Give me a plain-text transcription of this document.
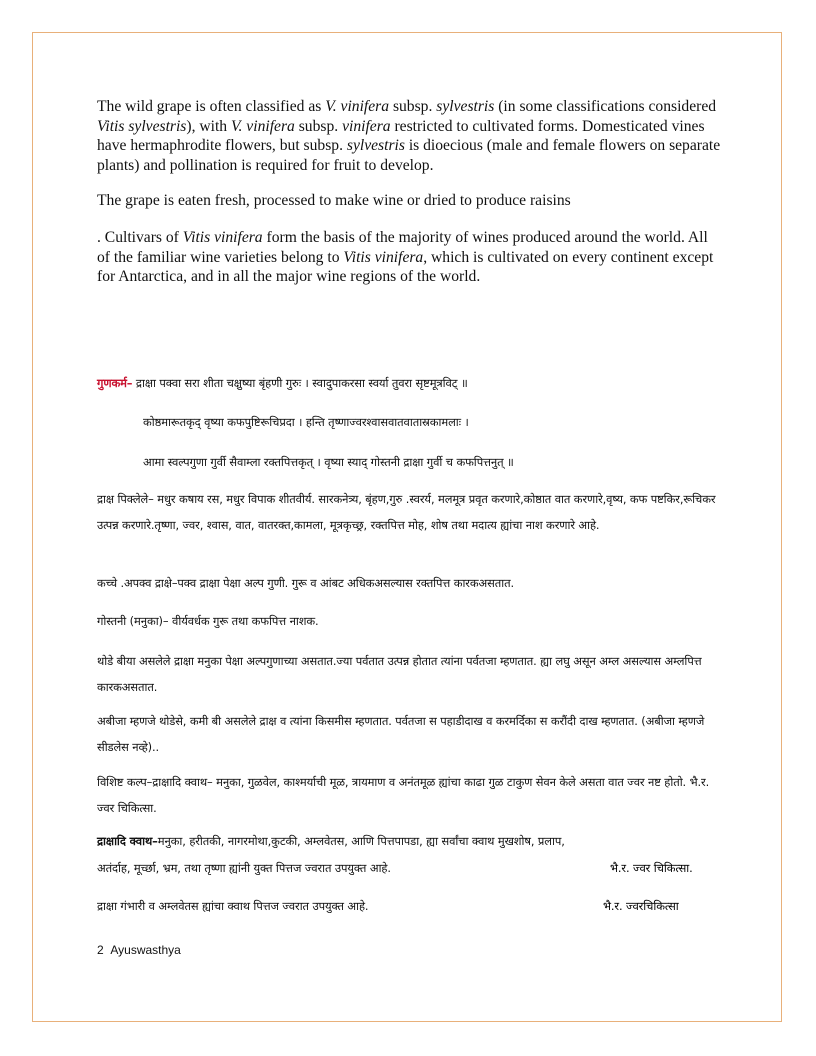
The wild grape is often classified as V. vinifera subsp. sylvestris (in some classifications considered Vitis sylvestris), with V. vinifera subsp. vinifera restricted to cultivated forms. Domesticated vines have hermaphrodite flowers, but subsp. sylvestris is dioecious (male and female flowers on separate plants) and pollination is required for fruit to develop.

The grape is eaten fresh, processed to make wine or dried to produce raisins

. Cultivars of Vitis vinifera form the basis of the majority of wines produced around the world. All of the familiar wine varieties belong to Vitis vinifera, which is cultivated on every continent except for Antarctica, and in all the major wine regions of the world.

गुणकर्म– द्राक्षा पक्वा सरा शीता चक्षुष्या बृंहणी गुरुः । स्वादुपाकरसा स्वर्या तुवरा सृष्टमूत्रविट् ॥
कोष्ठमारूतकृद् वृष्या कफपुष्टिरूचिप्रदा । हन्ति तृष्णाज्वरश्वासवातवातास्रकामलाः ।
आमा स्वल्पगुणा गुर्वी सैवाम्ला रक्तपित्तकृत् । वृष्या स्याद् गोस्तनी द्राक्षा गुर्वी च कफपित्तनुत् ॥

द्राक्ष पिक्लेले– मधुर कषाय रस, मधुर विपाक शीतवीर्य. सारकनेत्र्य, बृंहण,गुरु .स्वरर्य, मलमूत्र प्रवृत करणारे,कोष्ठात वात करणारे,वृष्य, कफ पष्टकिर,रूचिकर उत्पन्न करणारे.तृष्णा, ज्वर, श्वास, वात, वातरक्त,कामला, मूत्रकृच्छ्र, रक्तपित्त मोह, शोष तथा मदात्य ह्यांचा नाश करणारे आहे.

कच्चे .अपक्व द्राक्षे–पक्व द्राक्षा पेक्षा अल्प गुणी. गुरू व आंबट अधिकअसल्यास रक्तपित्त कारकअसतात.

गोस्तनी (मनुका)– वीर्यवर्धक गुरू तथा कफपित्त नाशक.

थोडे बीया असलेले द्राक्षा मनुका पेक्षा अल्पगुणाच्या असतात.ज्या पर्वतात उत्पन्न होतात त्यांना पर्वतजा म्हणतात. ह्या लघु असून अम्ल असल्यास अम्लपित्त कारकअसतात.

अबीजा म्हणजे थोडेसे, कमी बी असलेले द्राक्ष व त्यांना किसमीस म्हणतात. पर्वतजा स पहाडीदाख व करमर्दिका स करौंदी दाख म्हणतात. (अबीजा म्हणजे सीडलेस नव्हे)..

विशिष्ट कल्प–द्राक्षादि क्वाथ– मनुका, गुळवेल, काश्मर्याची मूळ, त्रायमाण व अनंतमूळ ह्यांचा काढा गुळ टाकुण सेवन केले असता वात ज्वर नष्ट होतो. भै.र. ज्वर चिकित्सा.

द्राक्षादि क्वाथ–मनुका, हरीतकी, नागरमोथा,कुटकी, अम्लवेतस, आणि पित्तपापडा, ह्या सर्वांचा क्वाथ मुखशोष, प्रलाप,
अतंर्दाह, मूर्च्छा, भ्रम, तथा तृष्णा ह्यांनी युक्त पित्तज ज्वरात उपयुक्त आहे.	भै.र. ज्वर चिकित्सा.
द्राक्षा गंभारी व अम्लवेतस ह्यांचा क्वाथ पित्तज ज्वरात उपयुक्त आहे.	भै.र. ज्वरचिकित्सा
2 Ayuswasthya
